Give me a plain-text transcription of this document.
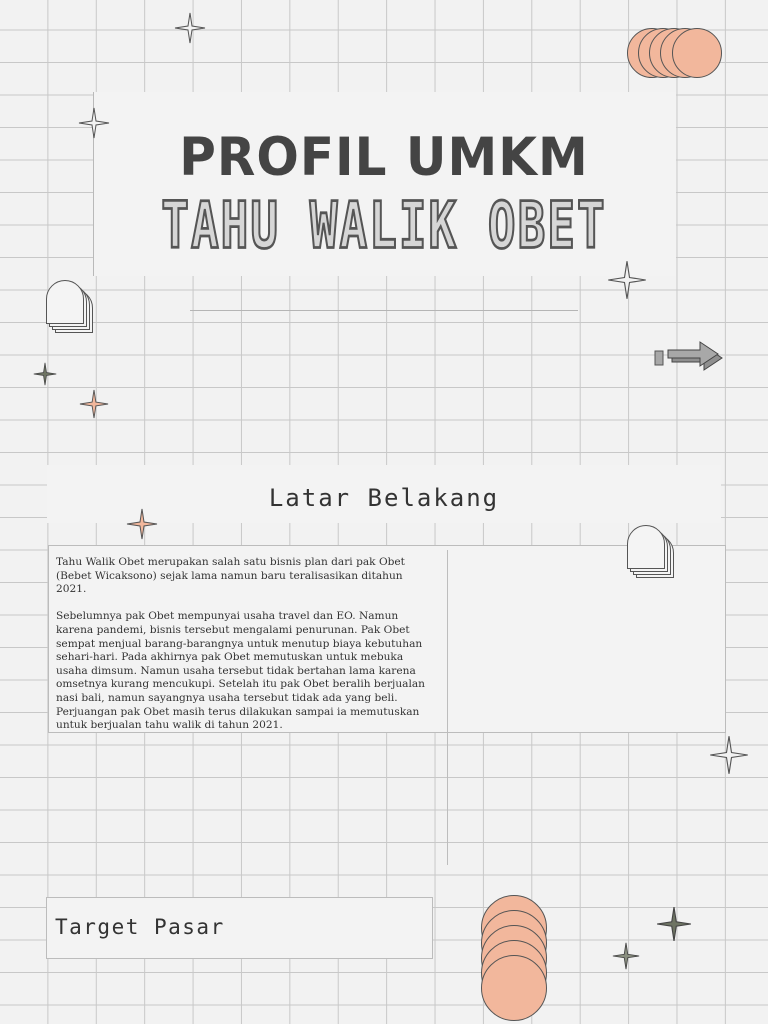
PROFIL UMKM
TAHU WALIK OBET
Latar Belakang

Tahu Walik Obet merupakan salah satu bisnis plan dari pak Obet (Bebet Wicaksono) sejak lama namun baru teralisasikan ditahun 2021.

Sebelumnya pak Obet mempunyai usaha travel dan EO. Namun karena pandemi, bisnis tersebut mengalami penurunan. Pak Obet sempat menjual barang-barangnya untuk menutup biaya kebutuhan sehari-hari. Pada akhirnya pak Obet memutuskan untuk mebuka usaha dimsum. Namun usaha tersebut tidak bertahan lama karena omsetnya kurang mencukupi. Setelah itu pak Obet beralih berjualan nasi bali, namun sayangnya usaha tersebut tidak ada yang beli. Perjuangan pak Obet masih terus dilakukan sampai ia memutuskan untuk berjualan tahu walik di tahun 2021.

Target Pasar
